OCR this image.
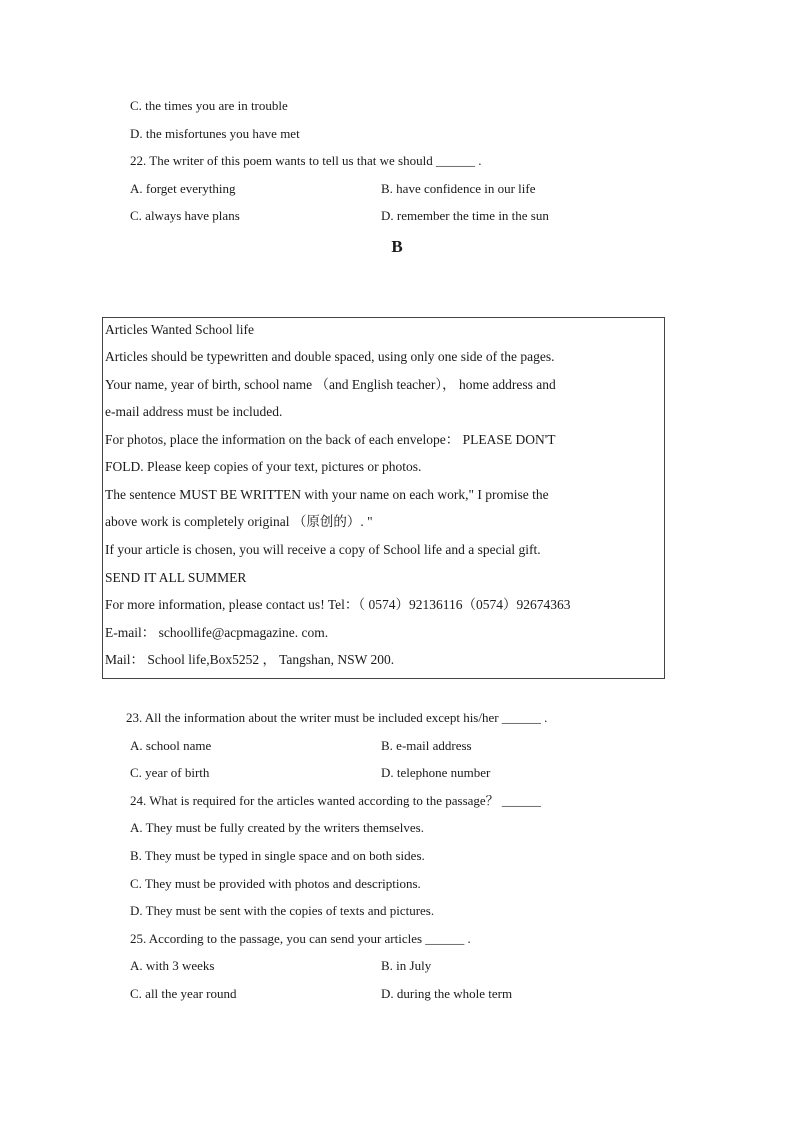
C. the times you are in trouble
D. the misfortunes you have met
22. The writer of this poem wants to tell us that we should ______ .
A. forget everything	B. have confidence in our life
C. always have plans	D. remember the time in the sun
B
Articles Wanted School life
Articles should be typewritten and double spaced, using only one side of the pages.
Your name, year of birth, school name （and English teacher）， home address and
e-mail address must be included.
For photos, place the information on the back of each envelope： PLEASE DON'T
FOLD. Please keep copies of your text, pictures or photos.
The sentence MUST BE WRITTEN with your name on each work," I promise the
above work is completely original （原创的）. "
If your article is chosen, you will receive a copy of School life and a special gift.
SEND IT ALL SUMMER
For more information, please contact us! Tel：（ 0574）92136116（0574）92674363
E-mail： schoollife@acpmagazine. com.
Mail： School life,Box5252 ， Tangshan, NSW 200.
23. All the information about the writer must be included except his/her ______ .
A. school name	B. e-mail address
C. year of birth	D. telephone number
24. What is required for the articles wanted according to the passage？ ______
A. They must be fully created by the writers themselves.
B. They must be typed in single space and on both sides.
C. They must be provided with photos and descriptions.
D. They must be sent with the copies of texts and pictures.
25. According to the passage, you can send your articles ______ .
A. with 3 weeks	B. in July
C. all the year round	D. during the whole term
